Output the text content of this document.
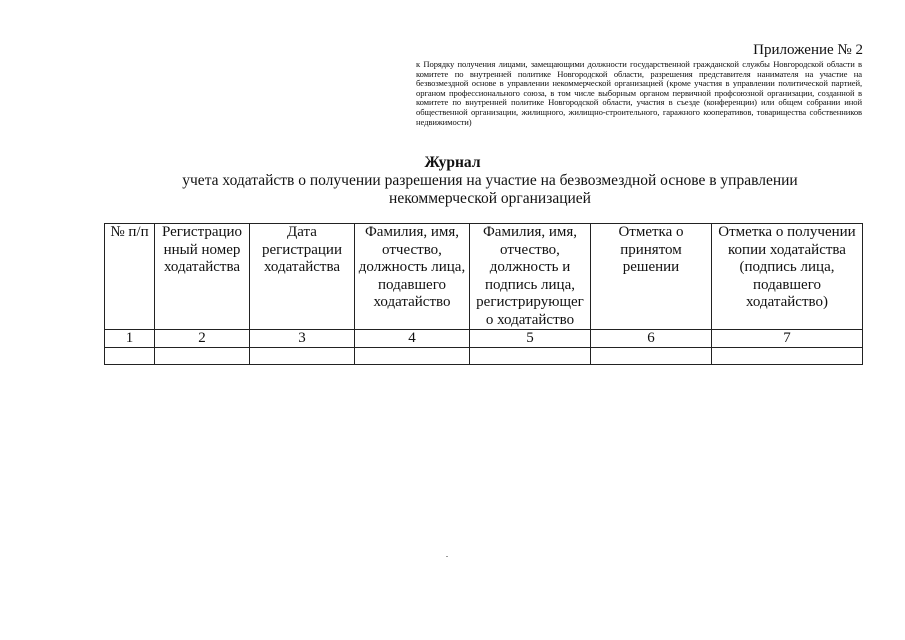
Приложение № 2
к Порядку получения лицами, замещающими должности государственной гражданской службы Новгородской области в комитете по внутренней политике Новгородской области, разрешения представителя нанимателя на участие на безвозмездной основе в управлении некоммерческой организацией (кроме участия в управлении политической партией, органом профессионального союза, в том числе выборным органом первичной профсоюзной организации, созданной в комитете по внутренней политике Новгородской области, участия в съезде (конференции) или общем собрании иной общественной организации, жилищного, жилищно-строительного, гаражного кооперативов, товарищества собственников недвижимости)
Журнал
учета ходатайств о получении разрешения на участие на безвозмездной основе в управлении некоммерческой организацией
№ п/п	Регистрацио нный номер ходатайства	Дата регистрации ходатайства	Фамилия, имя, отчество, должность лица, подавшего ходатайство	Фамилия, имя, отчество, должность и подпись лица, регистрирующег о ходатайство	Отметка о принятом решении	Отметка о получении копии ходатайства (подпись лица, подавшего ходатайство)
1	2	3	4	5	6	7
